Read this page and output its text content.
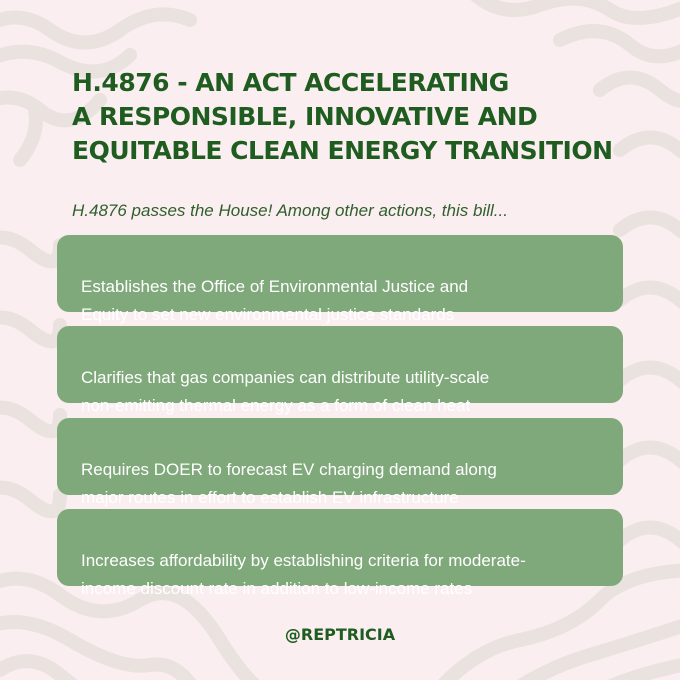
H.4876 - AN ACT ACCELERATING
A RESPONSIBLE, INNOVATIVE AND
EQUITABLE CLEAN ENERGY TRANSITION

H.4876 passes the House! Among other actions, this bill...

Establishes the Office of Environmental Justice and
Equity to set new environmental justice standards

Clarifies that gas companies can distribute utility-scale
non-emitting thermal energy as a form of clean heat

Requires DOER to forecast EV charging demand along
major routes in effort to establish EV infrastructure

Increases affordability by establishing criteria for moderate-
income discount rate in addition to low-income rates

@REPTRICIA
